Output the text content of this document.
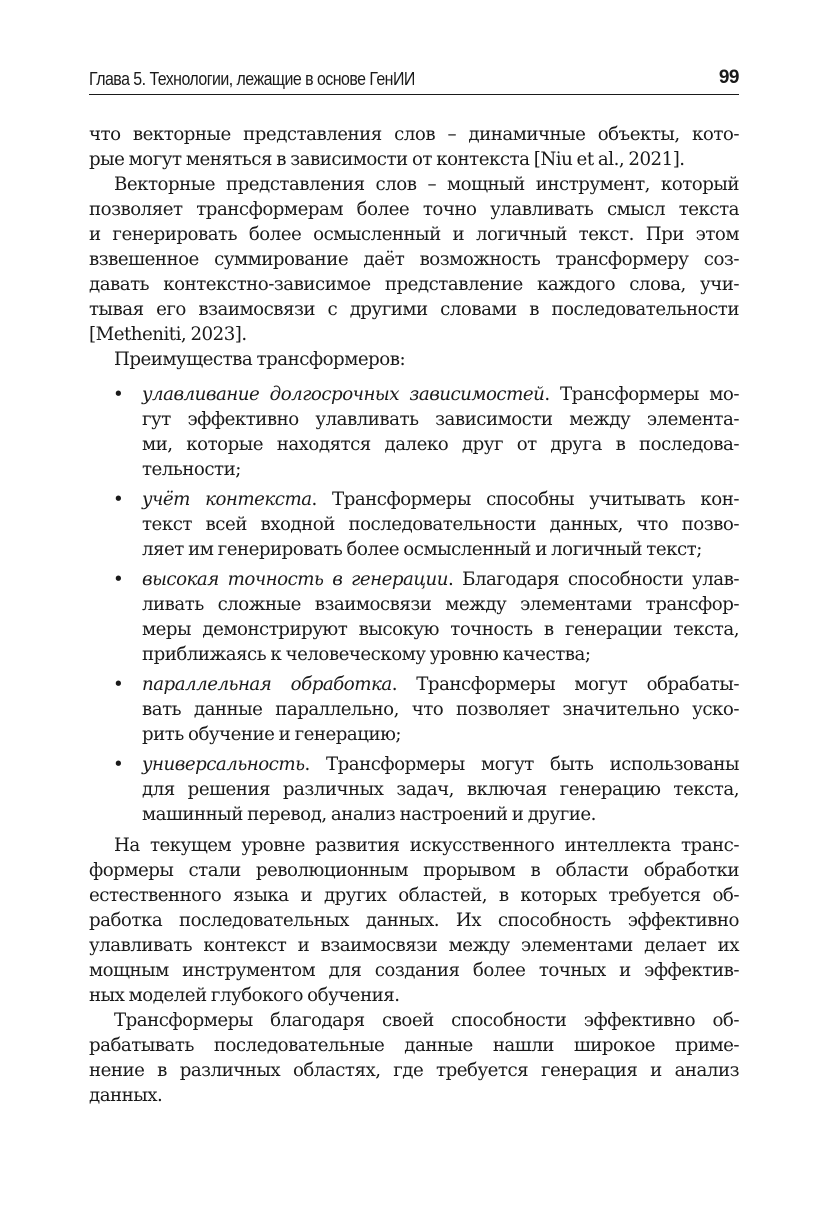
Глава 5. Технологии, лежащие в основе ГенИИ	99
что векторные представления слов – динамичные объекты, кото-
рые могут меняться в зависимости от контекста [Niu et al., 2021].
Векторные представления слов – мощный инструмент, который
позволяет трансформерам более точно улавливать смысл текста
и генерировать более осмысленный и логичный текст. При этом
взвешенное суммирование даёт возможность трансформеру соз-
давать контекстно-зависимое представление каждого слова, учи-
тывая его взаимосвязи с другими словами в последовательности
[Metheniti, 2023].
Преимущества трансформеров:
• улавливание долгосрочных зависимостей. Трансформеры мо-
гут эффективно улавливать зависимости между элемента-
ми, которые находятся далеко друг от друга в последова-
тельности;
• учёт контекста. Трансформеры способны учитывать кон-
текст всей входной последовательности данных, что позво-
ляет им генерировать более осмысленный и логичный текст;
• высокая точность в генерации. Благодаря способности улав-
ливать сложные взаимосвязи между элементами трансфор-
меры демонстрируют высокую точность в генерации текста,
приближаясь к человеческому уровню качества;
• параллельная обработка. Трансформеры могут обрабаты-
вать данные параллельно, что позволяет значительно уско-
рить обучение и генерацию;
• универсальность. Трансформеры могут быть использованы
для решения различных задач, включая генерацию текста,
машинный перевод, анализ настроений и другие.
На текущем уровне развития искусственного интеллекта транс-
формеры стали революционным прорывом в области обработки
естественного языка и других областей, в которых требуется об-
работка последовательных данных. Их способность эффективно
улавливать контекст и взаимосвязи между элементами делает их
мощным инструментом для создания более точных и эффектив-
ных моделей глубокого обучения.
Трансформеры благодаря своей способности эффективно об-
рабатывать последовательные данные нашли широкое приме-
нение в различных областях, где требуется генерация и анализ
данных.
